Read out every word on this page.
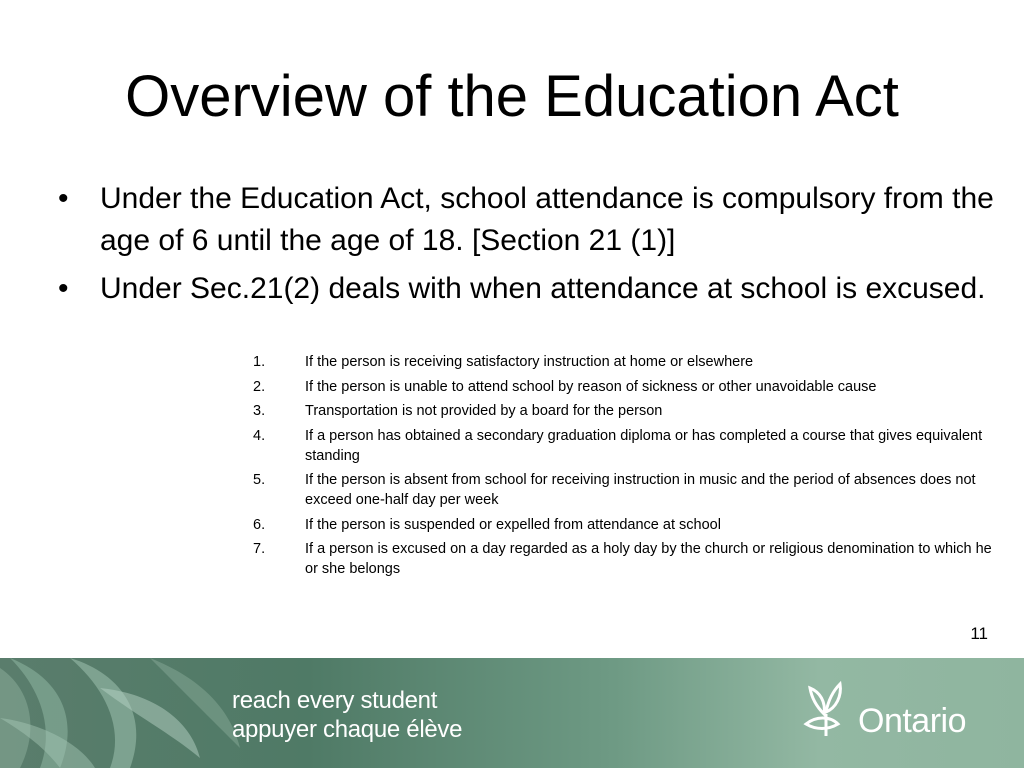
Overview of the Education Act
•	Under the Education Act, school attendance is compulsory from the age of 6 until the age of 18. [Section 21 (1)]
•	Under Sec.21(2) deals with when attendance at school is excused.
1.	If the person is receiving satisfactory instruction at home or elsewhere
2.	If the person is unable to attend school by reason of sickness or other unavoidable cause
3.	Transportation is not provided by a board for the person
4.	If a person has obtained a secondary graduation diploma or has completed a course that gives equivalent standing
5.	If the person is absent from school for receiving instruction in music and the period of absences does not exceed one-half day per week
6.	If the person is suspended or expelled from attendance at school
7.	If a person is excused on a day regarded as a holy day by the church or religious denomination to which he or she belongs
11
reach every student
appuyer chaque élève	Ontario
